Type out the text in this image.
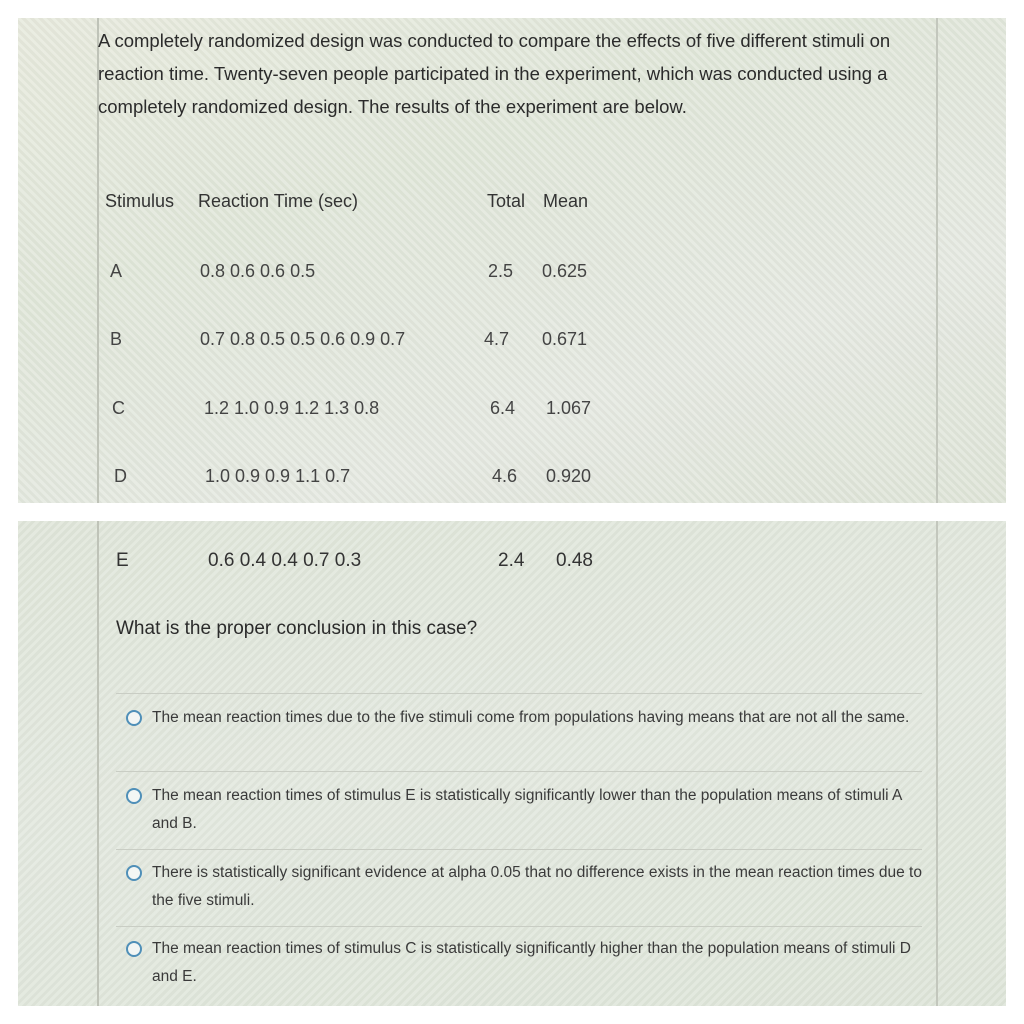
A completely randomized design was conducted to compare the effects of five different stimuli on reaction time. Twenty-seven people participated in the experiment, which was conducted using a completely randomized design. The results of the experiment are below.
Stimulus Reaction Time (sec)	Total Mean
A	0.8 0.6 0.6 0.5	2.5 0.625
B	0.7 0.8 0.5 0.5 0.6 0.9 0.7	4.7 0.671
C	1.2 1.0 0.9 1.2 1.3 0.8	6.4 1.067
D	1.0 0.9 0.9 1.1 0.7	4.6 0.920
E	0.6 0.4 0.4 0.7 0.3	2.4 0.48
What is the proper conclusion in this case?
The mean reaction times due to the five stimuli come from populations having means that are not all the same.
The mean reaction times of stimulus E is statistically significantly lower than the population means of stimuli A and B.
There is statistically significant evidence at alpha 0.05 that no difference exists in the mean reaction times due to the five stimuli.
The mean reaction times of stimulus C is statistically significantly higher than the population means of stimuli D and E.
